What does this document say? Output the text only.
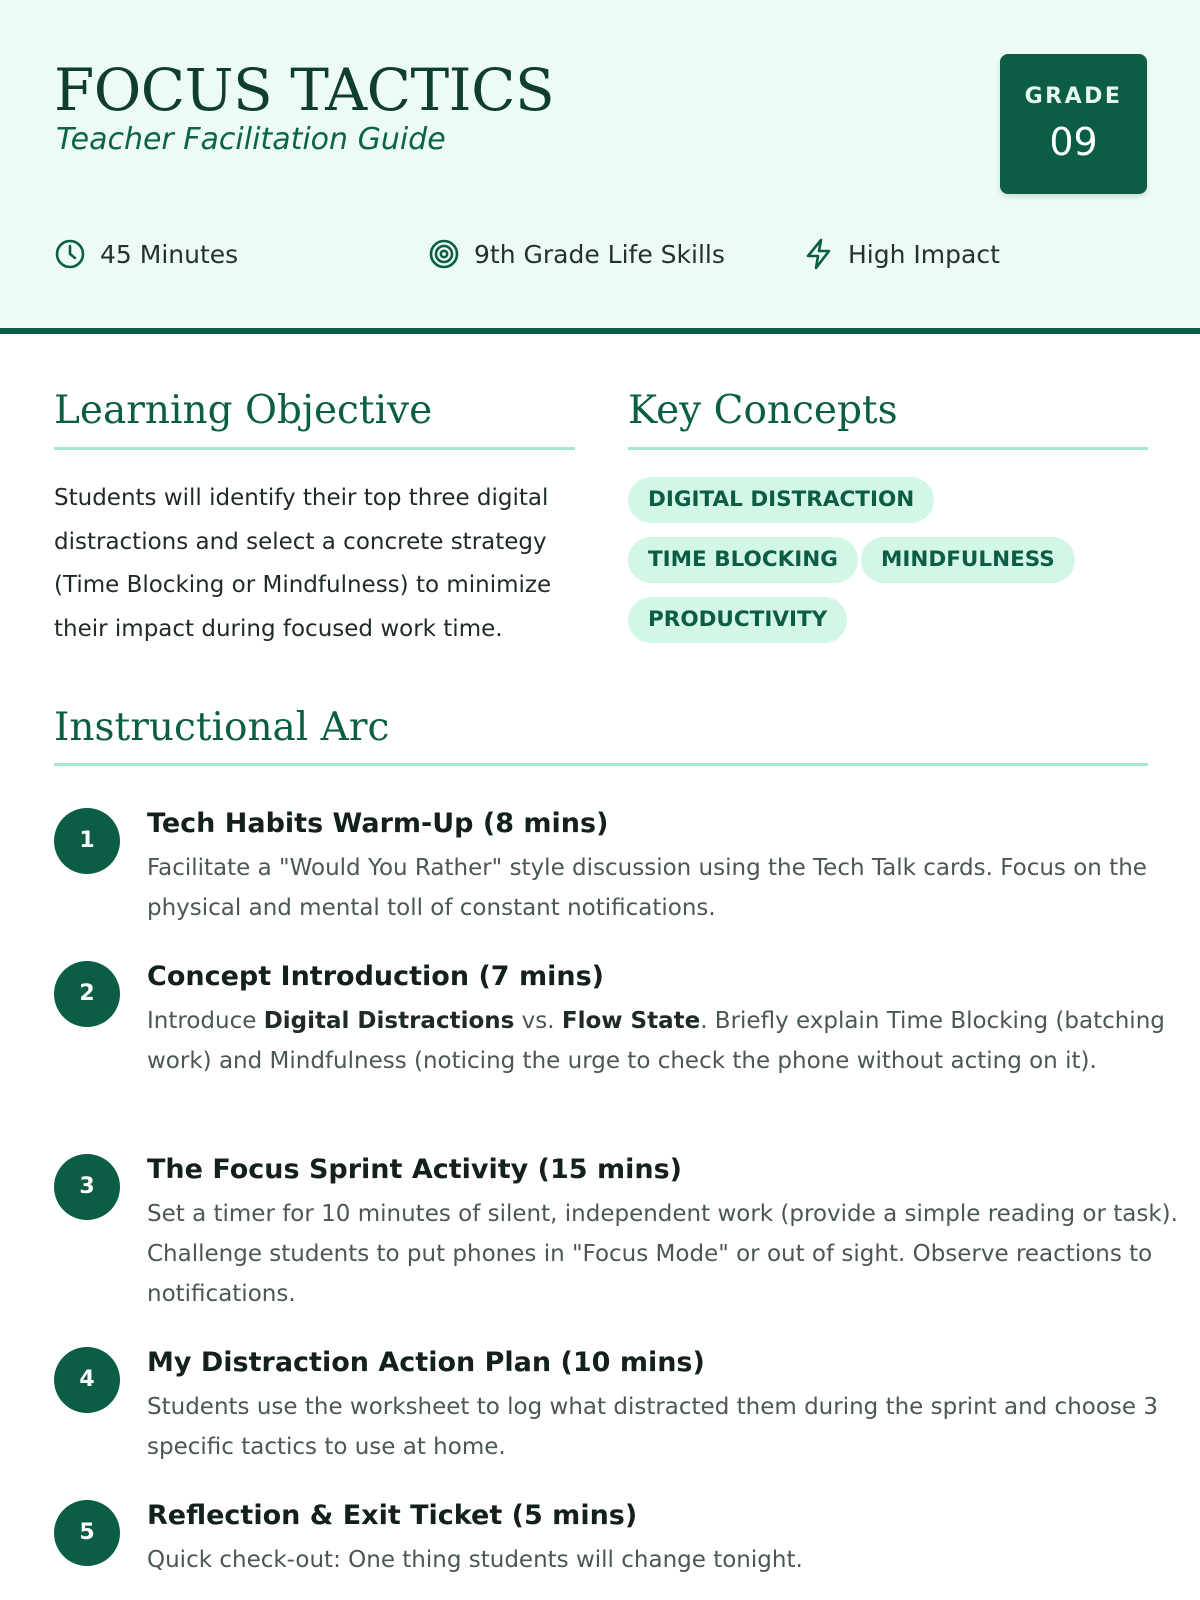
FOCUS TACTICS
Teacher Facilitation Guide
GRADE
09
45 Minutes	9th Grade Life Skills	High Impact
Learning Objective
Students will identify their top three digital distractions and select a concrete strategy (Time Blocking or Mindfulness) to minimize their impact during focused work time.
Key Concepts
DIGITAL DISTRACTION
TIME BLOCKING	MINDFULNESS
PRODUCTIVITY
Instructional Arc
1
Tech Habits Warm-Up (8 mins)
Facilitate a "Would You Rather" style discussion using the Tech Talk cards. Focus on the physical and mental toll of constant notifications.
2
Concept Introduction (7 mins)
Introduce Digital Distractions vs. Flow State. Briefly explain Time Blocking (batching work) and Mindfulness (noticing the urge to check the phone without acting on it).
3
The Focus Sprint Activity (15 mins)
Set a timer for 10 minutes of silent, independent work (provide a simple reading or task). Challenge students to put phones in "Focus Mode" or out of sight. Observe reactions to notifications.
4
My Distraction Action Plan (10 mins)
Students use the worksheet to log what distracted them during the sprint and choose 3 specific tactics to use at home.
5
Reflection & Exit Ticket (5 mins)
Quick check-out: One thing students will change tonight.
